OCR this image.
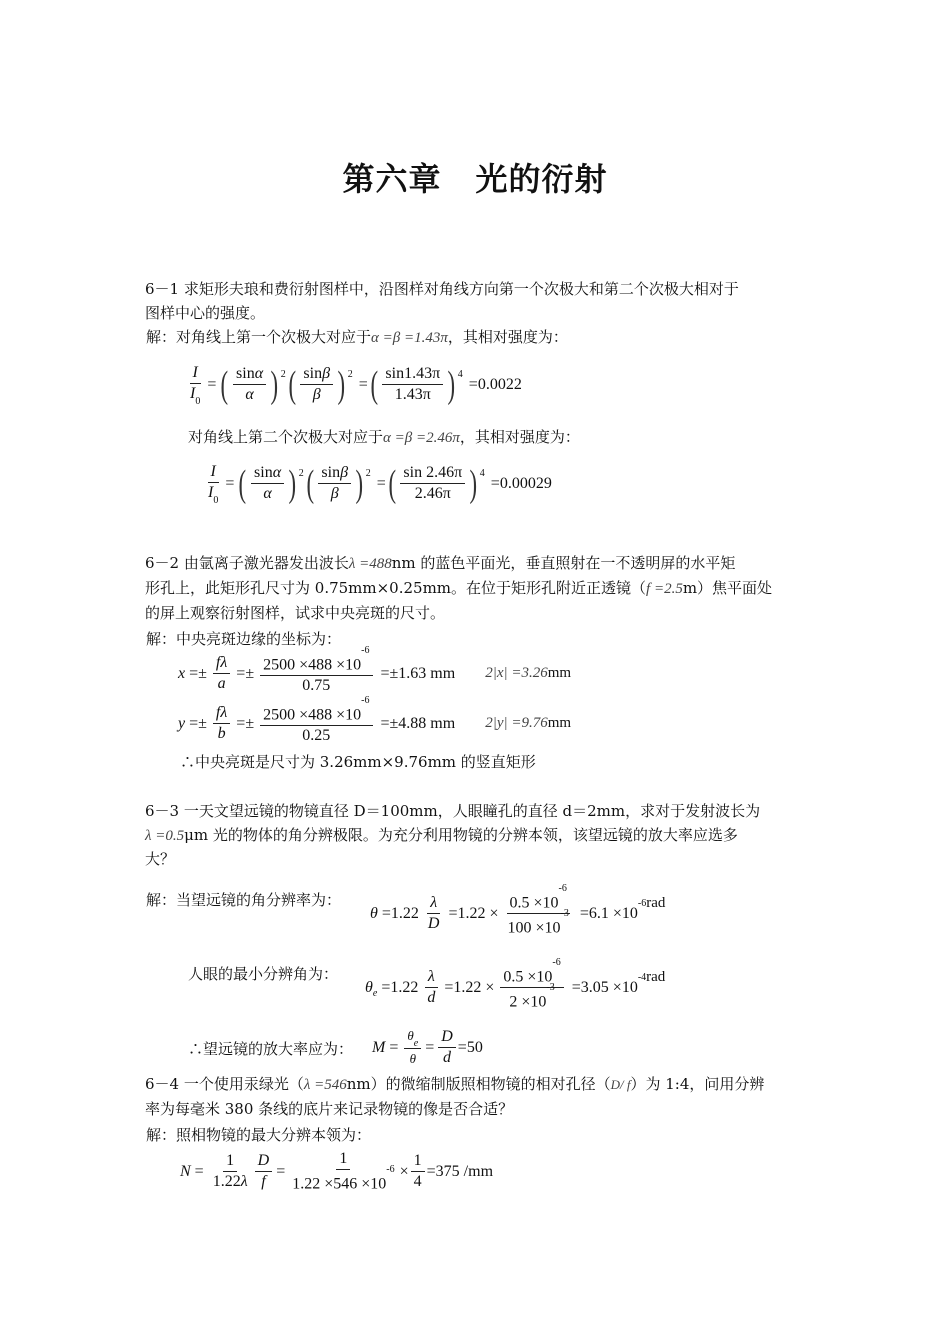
第六章 光的衍射
6－1 求矩形夫琅和费衍射图样中，沿图样对角线方向第一个次极大和第二个次极大相对于
图样中心的强度。
解：对角线上第一个次极大对应于α =β =1.43π，其相对强度为：
$\frac{I}{I_0}$ = ( sinα
α ) 2 ( sinβ
β ) 2
= ( sin1.43π
1.43π ) 4
=0.0022
对角线上第二个次极大对应于α =β =2.46π，其相对强度为：
$\frac{I}{I_0}$ = ( sinα
α ) 2 ( sinβ
β ) 2
= ( sin 2.46π
2.46π ) 4
=0.00029
6－2 由氩离子激光器发出波长λ =488nm 的蓝色平面光，垂直照射在一不透明屏的水平矩
形孔上，此矩形孔尺寸为 0.75mm×0.25mm。在位于矩形孔附近正透镜（f =2.5m）焦平面处
的屏上观察衍射图样，试求中央亮斑的尺寸。
解：中央亮斑边缘的坐标为：
$x =\pm \frac{f\lambda}{a} =\pm \frac{2500 \times 488 \times 10^{-6}}{0.75} =\pm 1.63$ mm 2|x| =3.26 mm
$y =\pm \frac{f\lambda}{b} =\pm \frac{2500 \times 488 \times 10^{-6}}{0.25} =\pm 4.88$ mm 2|y| =9.76 mm
∴中央亮斑是尺寸为 3.26mm×9.76mm 的竖直矩形
6－3 一天文望远镜的物镜直径 D＝100mm，人眼瞳孔的直径 d＝2mm，求对于发射波长为
λ =0.5μm 光的物体的角分辨极限。为充分利用物镜的分辨本领，该望远镜的放大率应选多
大？
解：当望远镜的角分辨率为：
$\theta =1.22 \frac{\lambda}{D} =1.22 \times \frac{0.5 \times 10^{-6}}{100 \times 10^{-3}} =6.1 \times 10$
-6 rad
人眼的最小分辨角为：
θ $e =1.22 \frac{\lambda}{d} =1.22 \times \frac{0.5 \times 10^{-6}}{2 \times 10^{-3}} =3.05 \times 10$
-4 rad
∴望远镜的放大率应为： $M = \frac{\theta_e}{\theta} = \frac{D}{d} =50$
6－4 一个使用汞绿光（λ =546nm）的微缩制版照相物镜的相对孔径（D/ f）为 1:4，问用分辨
率为每毫米 380 条线的底片来记录物镜的像是否合适？
解：照相物镜的最大分辨本领为：
$N = \frac{1}{1.22\lambda} \frac{D}{f} = \frac{1}{1.22 \times 546 \times 10^{-6}} \times \frac{1}{4} =375$ /mm
